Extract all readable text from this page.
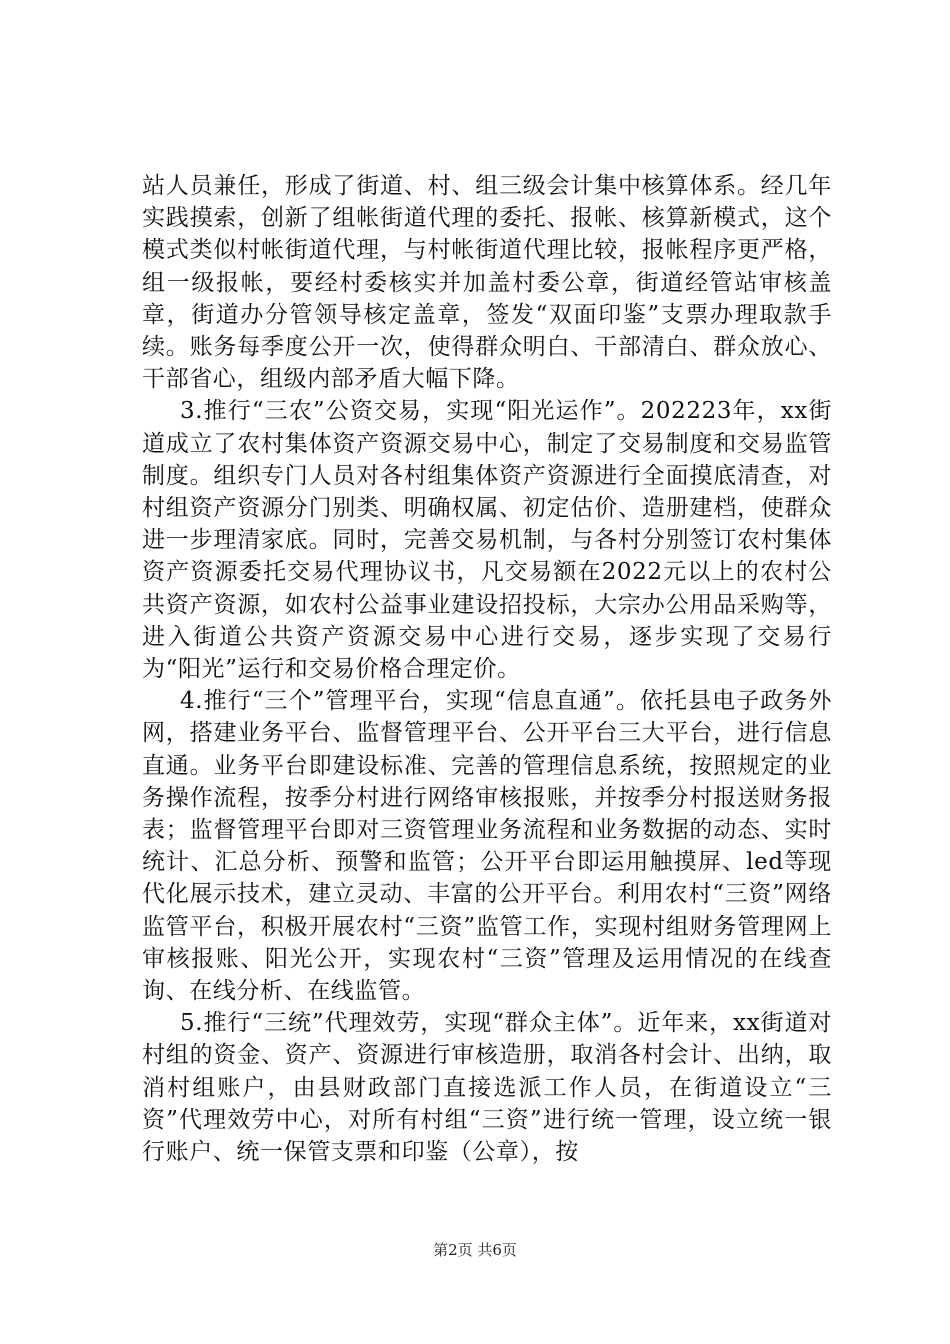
站人员兼任，形成了街道、村、组三级会计集中核算体系。经几年实践摸索，创新了组帐街道代理的委托、报帐、核算新模式，这个模式类似村帐街道代理，与村帐街道代理比较，报帐程序更严格，组一级报帐，要经村委核实并加盖村委公章，街道经管站审核盖章，街道办分管领导核定盖章，签发“双面印鉴”支票办理取款手续。账务每季度公开一次，使得群众明白、干部清白、群众放心、干部省心，组级内部矛盾大幅下降。

3.推行“三农”公资交易，实现“阳光运作”。202223年，xx街道成立了农村集体资产资源交易中心，制定了交易制度和交易监管制度。组织专门人员对各村组集体资产资源进行全面摸底清查，对村组资产资源分门别类、明确权属、初定估价、造册建档，使群众进一步理清家底。同时，完善交易机制，与各村分别签订农村集体资产资源委托交易代理协议书，凡交易额在2022元以上的农村公共资产资源，如农村公益事业建设招投标，大宗办公用品采购等，进入街道公共资产资源交易中心进行交易，逐步实现了交易行为“阳光”运行和交易价格合理定价。

4.推行“三个”管理平台，实现“信息直通”。依托县电子政务外网，搭建业务平台、监督管理平台、公开平台三大平台，进行信息直通。业务平台即建设标准、完善的管理信息系统，按照规定的业务操作流程，按季分村进行网络审核报账，并按季分村报送财务报表；监督管理平台即对三资管理业务流程和业务数据的动态、实时统计、汇总分析、预警和监管；公开平台即运用触摸屏、led等现代化展示技术，建立灵动、丰富的公开平台。利用农村“三资”网络监管平台，积极开展农村“三资”监管工作，实现村组财务管理网上审核报账、阳光公开，实现农村“三资”管理及运用情况的在线查询、在线分析、在线监管。

5.推行“三统”代理效劳，实现“群众主体”。近年来，xx街道对村组的资金、资产、资源进行审核造册，取消各村会计、出纳，取消村组账户，由县财政部门直接选派工作人员，在街道设立“三资”代理效劳中心，对所有村组“三资”进行统一管理，设立统一银行账户、统一保管支票和印鉴（公章），按

第2页 共6页
